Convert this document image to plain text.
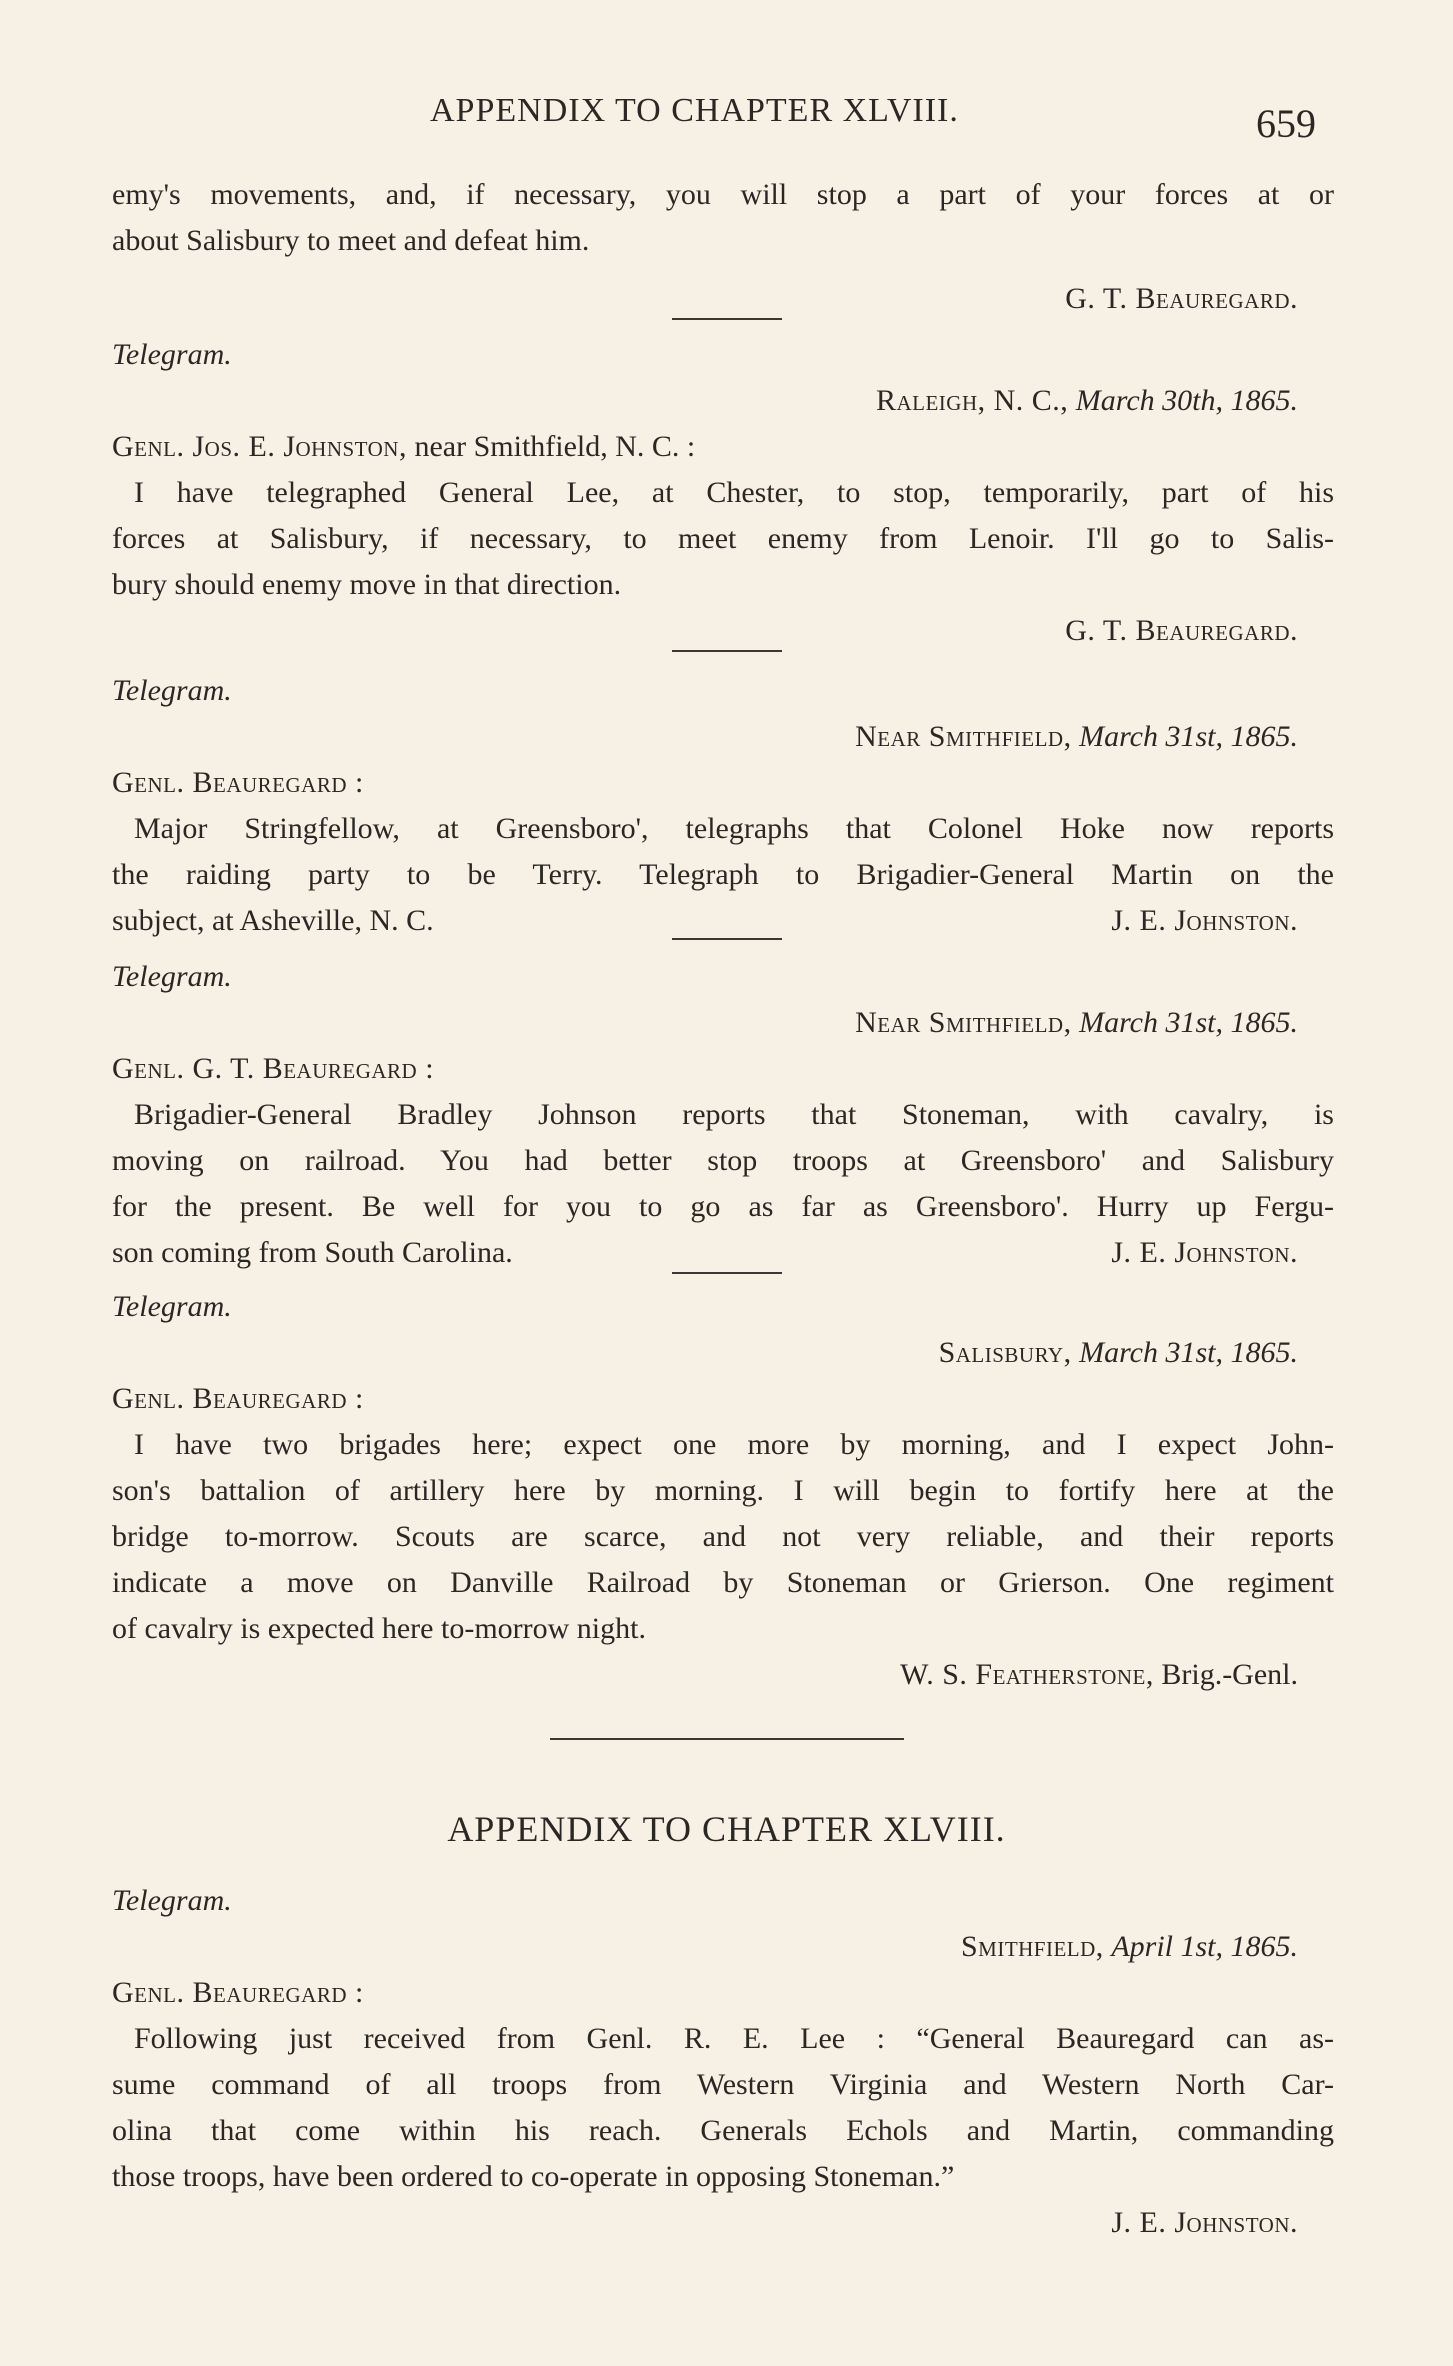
APPENDIX TO CHAPTER XLVIII.	659

emy's movements, and, if necessary, you will stop a part of your forces at or

about Salisbury to meet and defeat him.

G. T. Beauregard.
Telegram.
Raleigh, N. C., March 30th, 1865.
Genl. Jos. E. Johnston, near Smithfield, N. C. :

I have telegraphed General Lee, at Chester, to stop, temporarily, part of his

forces at Salisbury, if necessary, to meet enemy from Lenoir. I'll go to Salis-

bury should enemy move in that direction.

G. T. Beauregard.
Telegram.
Near Smithfield, March 31st, 1865.
Genl. Beauregard :

Major Stringfellow, at Greensboro', telegraphs that Colonel Hoke now reports

the raiding party to be Terry. Telegraph to Brigadier-General Martin on the

subject, at Asheville, N. C.	J. E. Johnston.
Telegram.
Near Smithfield, March 31st, 1865.
Genl. G. T. Beauregard :

Brigadier-General Bradley Johnson reports that Stoneman, with cavalry, is

moving on railroad. You had better stop troops at Greensboro' and Salisbury

for the present. Be well for you to go as far as Greensboro'. Hurry up Fergu-

son coming from South Carolina.	J. E. Johnston.
Telegram.
Salisbury, March 31st, 1865.
Genl. Beauregard :

I have two brigades here; expect one more by morning, and I expect John-

son's battalion of artillery here by morning. I will begin to fortify here at the

bridge to-morrow. Scouts are scarce, and not very reliable, and their reports

indicate a move on Danville Railroad by Stoneman or Grierson. One regiment

of cavalry is expected here to-morrow night.

W. S. Featherstone, Brig.-Genl.
APPENDIX TO CHAPTER XLVIII.
Telegram.
Smithfield, April 1st, 1865.
Genl. Beauregard :

Following just received from Genl. R. E. Lee : “General Beauregard can as-

sume command of all troops from Western Virginia and Western North Car-

olina that come within his reach. Generals Echols and Martin, commanding

those troops, have been ordered to co-operate in opposing Stoneman.”

J. E. Johnston.
